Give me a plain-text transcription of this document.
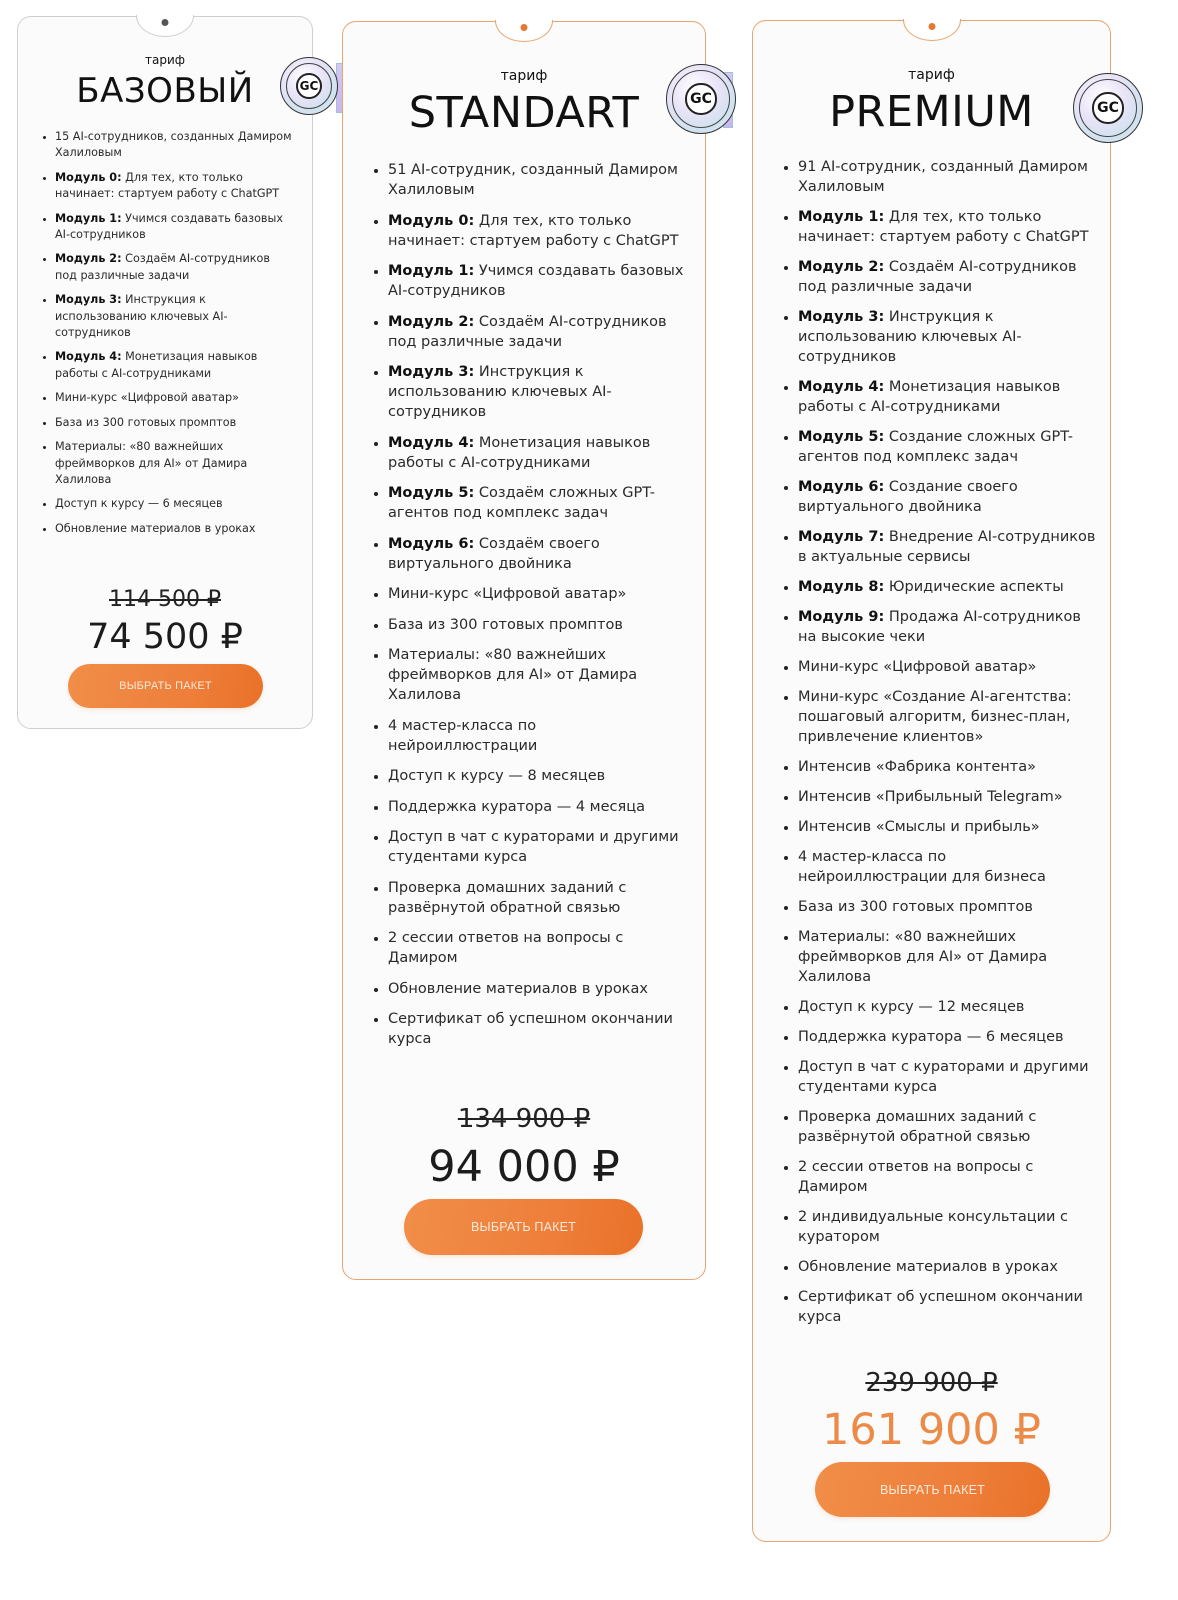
тариф
БАЗОВЫЙ	GC
15 AI-сотрудников, созданных Дамиром Халиловым
Модуль 0: Для тех, кто только начинает: стартуем работу с ChatGPT
Модуль 1: Учимся создавать базовых AI-сотрудников
Модуль 2: Создаём AI-сотрудников под различные задачи
Модуль 3: Инструкция к использованию ключевых AI-сотрудников
Модуль 4: Монетизация навыков работы с AI-сотрудниками
Мини-курс «Цифровой аватар»
База из 300 готовых промптов
Материалы: «80 важнейших фреймворков для AI» от Дамира Халилова
Доступ к курсу — 6 месяцев
Обновление материалов в уроках
114 500 ₽
74 500 ₽
ВЫБРАТЬ ПАКЕТ
тариф
STANDART	GC
51 AI-сотрудник, созданный Дамиром Халиловым
Модуль 0: Для тех, кто только начинает: стартуем работу с ChatGPT
Модуль 1: Учимся создавать базовых AI-сотрудников
Модуль 2: Создаём AI-сотрудников под различные задачи
Модуль 3: Инструкция к использованию ключевых AI-сотрудников
Модуль 4: Монетизация навыков работы с AI-сотрудниками
Модуль 5: Создаём сложных GPT-агентов под комплекс задач
Модуль 6: Создаём своего виртуального двойника
Мини-курс «Цифровой аватар»
База из 300 готовых промптов
Материалы: «80 важнейших фреймворков для AI» от Дамира Халилова
4 мастер-класса по нейроиллюстрации
Доступ к курсу — 8 месяцев
Поддержка куратора — 4 месяца
Доступ в чат с кураторами и другими студентами курса
Проверка домашних заданий с развёрнутой обратной связью
2 сессии ответов на вопросы с Дамиром
Обновление материалов в уроках
Сертификат об успешном окончании курса
134 900 ₽
94 000 ₽
ВЫБРАТЬ ПАКЕТ
тариф
PREMIUM	GC
91 AI-сотрудник, созданный Дамиром Халиловым
Модуль 1: Для тех, кто только начинает: стартуем работу с ChatGPT
Модуль 2: Создаём AI-сотрудников под различные задачи
Модуль 3: Инструкция к использованию ключевых AI-сотрудников
Модуль 4: Монетизация навыков работы с AI-сотрудниками
Модуль 5: Создание сложных GPT-агентов под комплекс задач
Модуль 6: Создание своего виртуального двойника
Модуль 7: Внедрение AI-сотрудников в актуальные сервисы
Модуль 8: Юридические аспекты
Модуль 9: Продажа AI-сотрудников на высокие чеки
Мини-курс «Цифровой аватар»
Мини-курс «Создание AI-агентства: пошаговый алгоритм, бизнес-план, привлечение клиентов»
Интенсив «Фабрика контента»
Интенсив «Прибыльный Telegram»
Интенсив «Смыслы и прибыль»
4 мастер-класса по нейроиллюстрации для бизнеса
База из 300 готовых промптов
Материалы: «80 важнейших фреймворков для AI» от Дамира Халилова
Доступ к курсу — 12 месяцев
Поддержка куратора — 6 месяцев
Доступ в чат с кураторами и другими студентами курса
Проверка домашних заданий с развёрнутой обратной связью
2 сессии ответов на вопросы с Дамиром
2 индивидуальные консультации с куратором
Обновление материалов в уроках
Сертификат об успешном окончании курса
239 900 ₽
161 900 ₽
ВЫБРАТЬ ПАКЕТ
